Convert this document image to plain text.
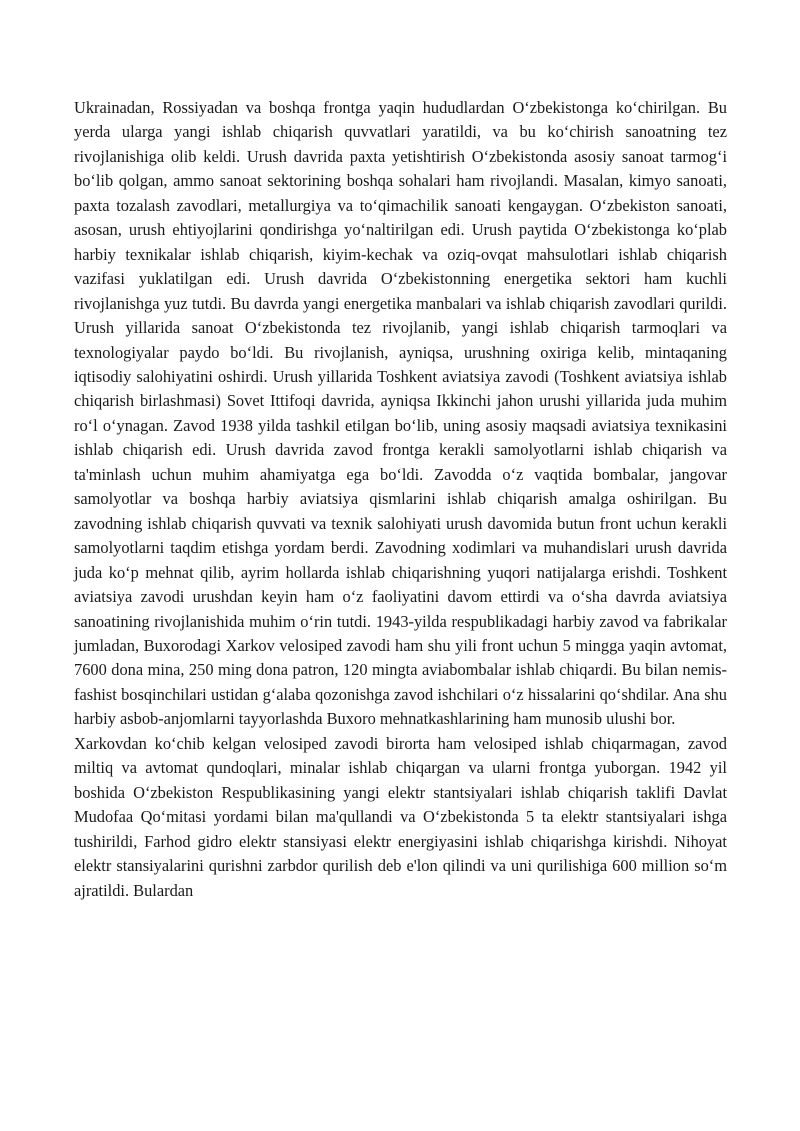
Ukrainadan, Rossiyadan va boshqa frontga yaqin hududlardan O‘zbekistonga ko‘chirilgan. Bu yerda ularga yangi ishlab chiqarish quvvatlari yaratildi, va bu ko‘chirish sanoatning tez rivojlanishiga olib keldi. Urush davrida paxta yetishtirish O‘zbekistonda asosiy sanoat tarmog‘i bo‘lib qolgan, ammo sanoat sektorining boshqa sohalari ham rivojlandi. Masalan, kimyo sanoati, paxta tozalash zavodlari, metallurgiya va to‘qimachilik sanoati kengaygan. O‘zbekiston sanoati, asosan, urush ehtiyojlarini qondirishga yo‘naltirilgan edi. Urush paytida O‘zbekistonga ko‘plab harbiy texnikalar ishlab chiqarish, kiyim-kechak va oziq-ovqat mahsulotlari ishlab chiqarish vazifasi yuklatilgan edi. Urush davrida O‘zbekistonning energetika sektori ham kuchli rivojlanishga yuz tutdi. Bu davrda yangi energetika manbalari va ishlab chiqarish zavodlari qurildi. Urush yillarida sanoat O‘zbekistonda tez rivojlanib, yangi ishlab chiqarish tarmoqlari va texnologiyalar paydo bo‘ldi. Bu rivojlanish, ayniqsa, urushning oxiriga kelib, mintaqaning iqtisodiy salohiyatini oshirdi. Urush yillarida Toshkent aviatsiya zavodi (Toshkent aviatsiya ishlab chiqarish birlashmasi) Sovet Ittifoqi davrida, ayniqsa Ikkinchi jahon urushi yillarida juda muhim ro‘l o‘ynagan. Zavod 1938 yilda tashkil etilgan bo‘lib, uning asosiy maqsadi aviatsiya texnikasini ishlab chiqarish edi. Urush davrida zavod frontga kerakli samolyotlarni ishlab chiqarish va ta'minlash uchun muhim ahamiyatga ega bo‘ldi. Zavodda o‘z vaqtida bombalar, jangovar samolyotlar va boshqa harbiy aviatsiya qismlarini ishlab chiqarish amalga oshirilgan. Bu zavodning ishlab chiqarish quvvati va texnik salohiyati urush davomida butun front uchun kerakli samolyotlarni taqdim etishga yordam berdi. Zavodning xodimlari va muhandislari urush davrida juda ko‘p mehnat qilib, ayrim hollarda ishlab chiqarishning yuqori natijalarga erishdi. Toshkent aviatsiya zavodi urushdan keyin ham o‘z faoliyatini davom ettirdi va o‘sha davrda aviatsiya sanoatining rivojlanishida muhim o‘rin tutdi. 1943-yilda respublikadagi harbiy zavod va fabrikalar jumladan, Buxorodagi Xarkov velosiped zavodi ham shu yili front uchun 5 mingga yaqin avtomat, 7600 dona mina, 250 ming dona patron, 120 mingta aviabombalar ishlab chiqardi. Bu bilan nemis-fashist bosqinchilari ustidan g‘alaba qozonishga zavod ishchilari o‘z hissalarini qo‘shdilar. Ana shu harbiy asbob-anjomlarni tayyorlashda Buxoro mehnatkashlarining ham munosib ulushi bor.

Xarkovdan ko‘chib kelgan velosiped zavodi birorta ham velosiped ishlab chiqarmagan, zavod miltiq va avtomat qundoqlari, minalar ishlab chiqargan va ularni frontga yuborgan. 1942 yil boshida O‘zbekiston Respublikasining yangi elektr stantsiyalari ishlab chiqarish taklifi Davlat Mudofaa Qo‘mitasi yordami bilan ma'qullandi va O‘zbekistonda 5 ta elektr stantsiyalari ishga tushirildi, Farhod gidro elektr stansiyasi elektr energiyasini ishlab chiqarishga kirishdi. Nihoyat elektr stansiyalarini qurishni zarbdor qurilish deb e'lon qilindi va uni qurilishiga 600 million so‘m ajratildi. Bulardan
